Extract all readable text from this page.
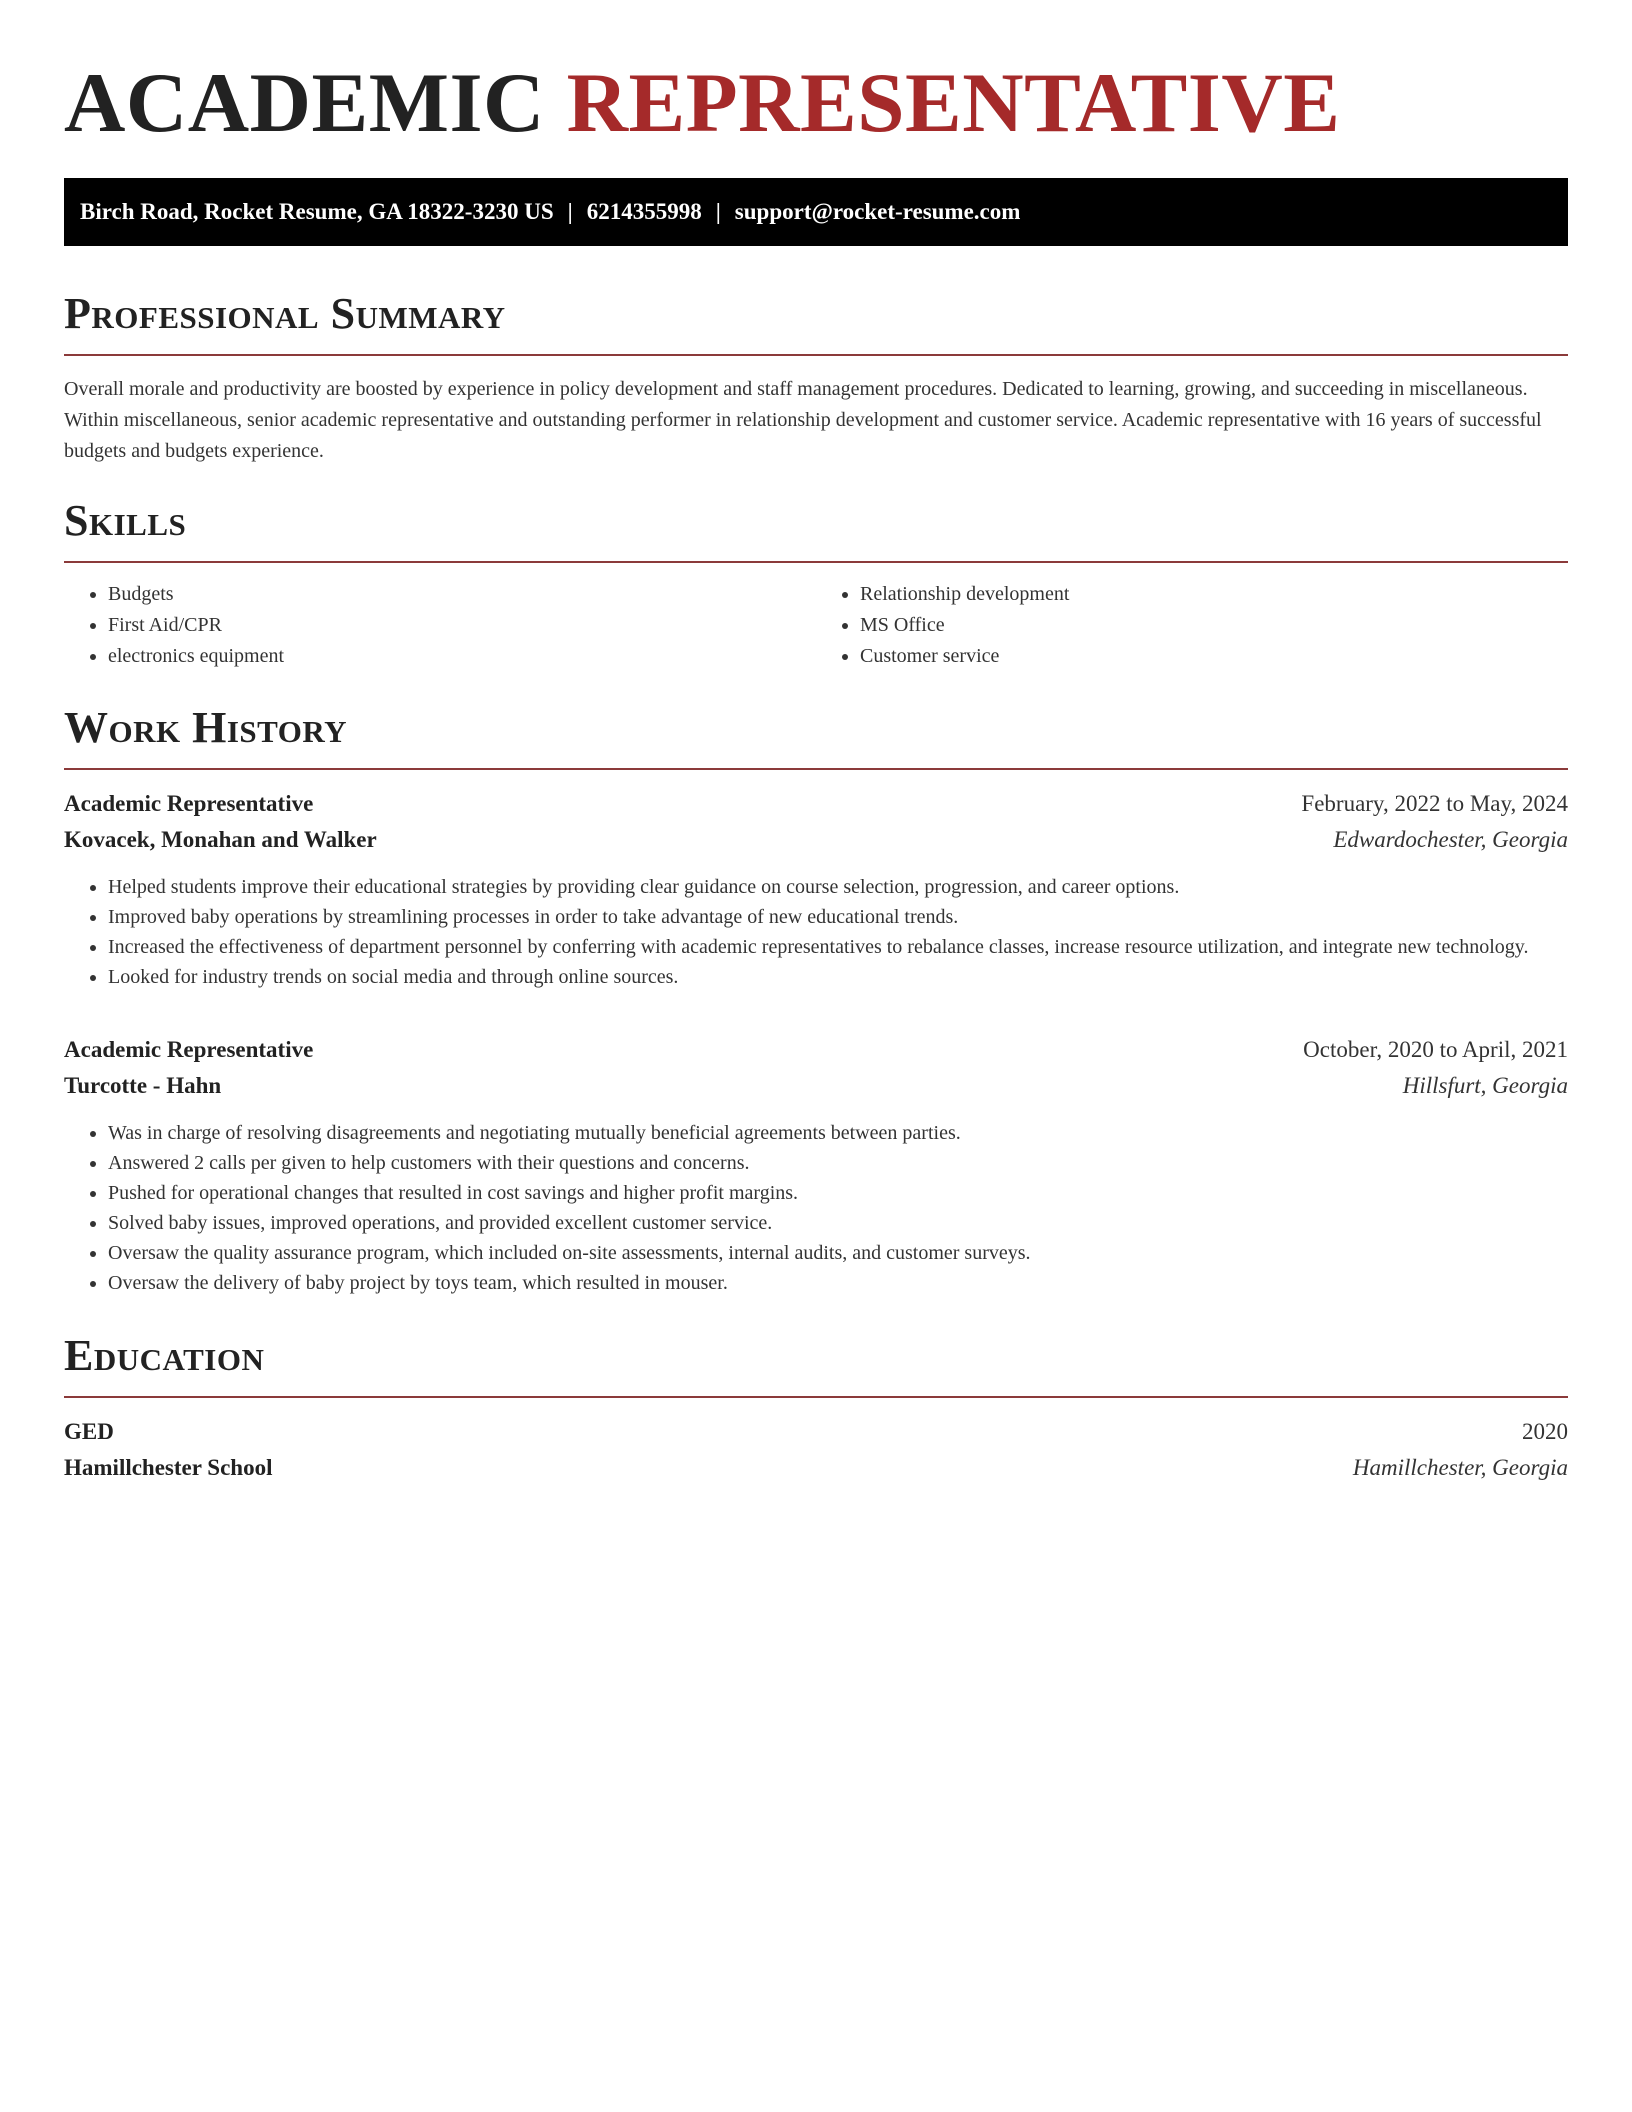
ACADEMIC REPRESENTATIVE
Birch Road, Rocket Resume, GA 18322-3230 US | 6214355998 | support@rocket-resume.com
Professional Summary

Overall morale and productivity are boosted by experience in policy development and staff management procedures. Dedicated to learning, growing, and succeeding in miscellaneous. Within miscellaneous, senior academic representative and outstanding performer in relationship development and customer service. Academic representative with 16 years of successful budgets and budgets experience.

Skills
• Budgets
• First Aid/CPR
• electronics equipment
• Relationship development
• MS Office
• Customer service
Work History
Academic Representative	February, 2022 to May, 2024
Kovacek, Monahan and Walker	Edwardochester, Georgia
• Helped students improve their educational strategies by providing clear guidance on course selection, progression, and career options.
• Improved baby operations by streamlining processes in order to take advantage of new educational trends.
• Increased the effectiveness of department personnel by conferring with academic representatives to rebalance classes, increase resource utilization, and integrate new technology.
• Looked for industry trends on social media and through online sources.
Academic Representative	October, 2020 to April, 2021
Turcotte - Hahn	Hillsfurt, Georgia
• Was in charge of resolving disagreements and negotiating mutually beneficial agreements between parties.
• Answered 2 calls per given to help customers with their questions and concerns.
• Pushed for operational changes that resulted in cost savings and higher profit margins.
• Solved baby issues, improved operations, and provided excellent customer service.
• Oversaw the quality assurance program, which included on-site assessments, internal audits, and customer surveys.
• Oversaw the delivery of baby project by toys team, which resulted in mouser.
Education
GED	2020
Hamillchester School	Hamillchester, Georgia
